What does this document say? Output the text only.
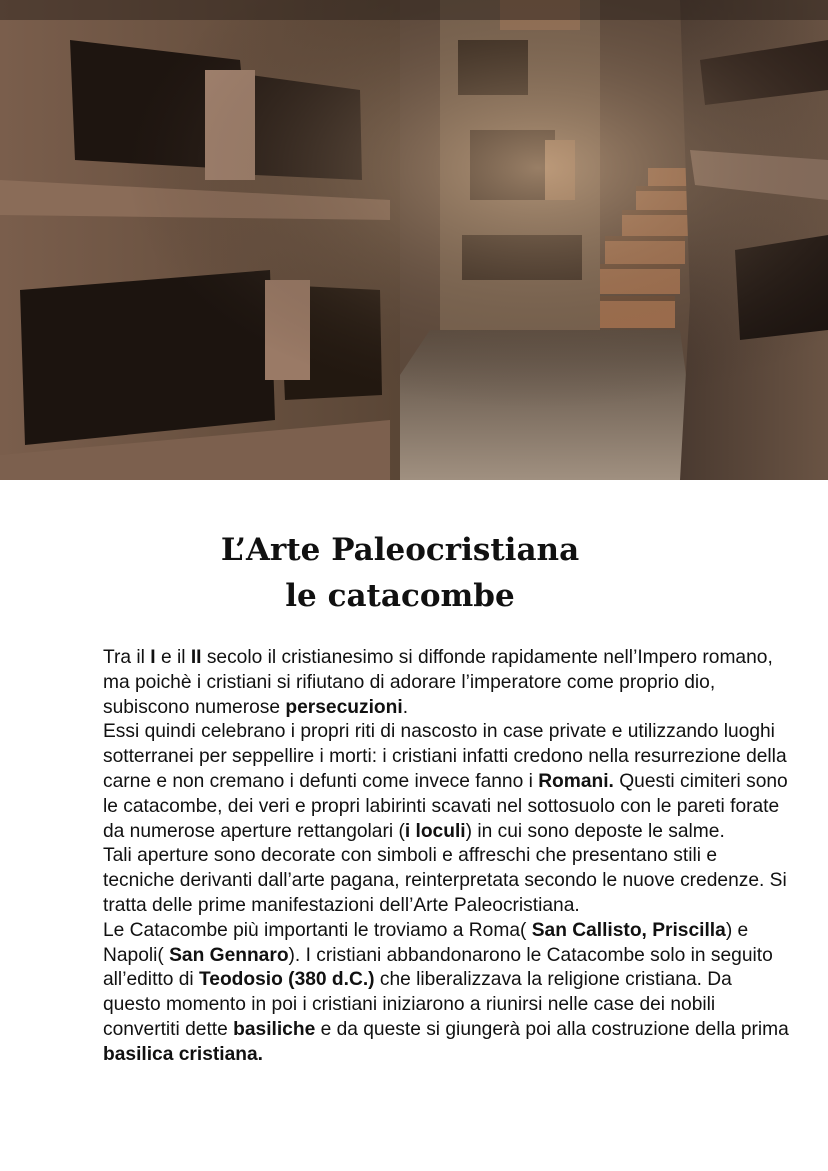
L’Arte Paleocristiana
le catacombe

Tra il I e il II secolo il cristianesimo si diffonde rapidamente nell’Impero romano, ma poichè i cristiani si rifiutano di adorare l’imperatore come proprio dio, subiscono numerose persecuzioni.

Essi quindi celebrano i propri riti di nascosto in case private e utilizzando luoghi sotterranei per seppellire i morti: i cristiani infatti credono nella resurrezione della carne e non cremano i defunti come invece fanno i Romani. Questi cimiteri sono le catacombe, dei veri e propri labirinti scavati nel sottosuolo con le pareti forate da numerose aperture rettangolari (i loculi) in cui sono deposte le salme.

Tali aperture sono decorate con simboli e affreschi che presentano stili e tecniche derivanti dall’arte pagana, reinterpretata secondo le nuove credenze. Si tratta delle prime manifestazioni dell’Arte Paleocristiana.

Le Catacombe più importanti le troviamo a Roma( San Callisto, Priscilla) e Napoli( San Gennaro). I cristiani abbandonarono le Catacombe solo in seguito all’editto di Teodosio (380 d.C.) che liberalizzava la religione cristiana. Da questo momento in poi i cristiani iniziarono a riunirsi nelle case dei nobili convertiti dette basiliche e da queste si giungerà poi alla costruzione della prima basilica cristiana.
